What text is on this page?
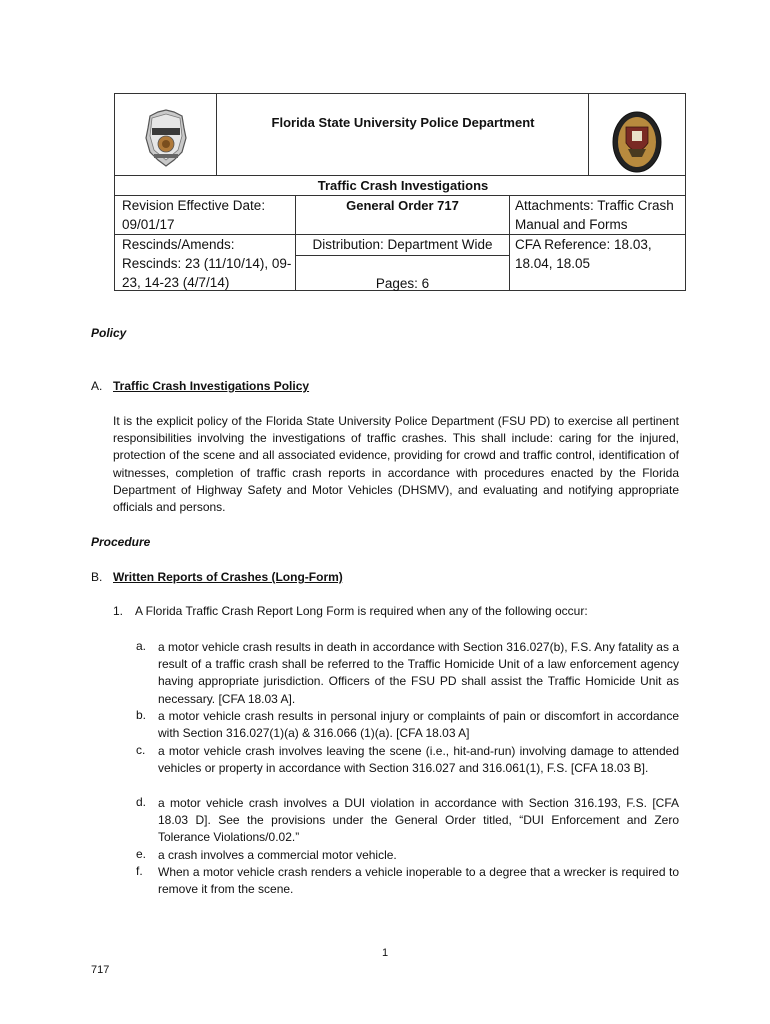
Florida State University Police Department
Traffic Crash Investigations
Revision Effective Date:
09/01/17
General Order 717	Attachments: Traffic Crash Manual and Forms
Rescinds/Amends:
Rescinds: 23 (11/10/14), 09-23, 14-23 (4/7/14)
Distribution: Department Wide
Pages: 6
CFA Reference: 18.03, 18.04, 18.05
Policy
A. Traffic Crash Investigations Policy
It is the explicit policy of the Florida State University Police Department (FSU PD) to exercise all pertinent responsibilities involving the investigations of traffic crashes. This shall include: caring for the injured, protection of the scene and all associated evidence, providing for crowd and traffic control, identification of witnesses, completion of traffic crash reports in accordance with procedures enacted by the Florida Department of Highway Safety and Motor Vehicles (DHSMV), and evaluating and notifying appropriate officials and persons.
Procedure
B. Written Reports of Crashes (Long-Form)
1. A Florida Traffic Crash Report Long Form is required when any of the following occur:
a. a motor vehicle crash results in death in accordance with Section 316.027(b), F.S. Any fatality as a result of a traffic crash shall be referred to the Traffic Homicide Unit of a law enforcement agency having appropriate jurisdiction. Officers of the FSU PD shall assist the Traffic Homicide Unit as necessary. [CFA 18.03 A].
b. a motor vehicle crash results in personal injury or complaints of pain or discomfort in accordance with Section 316.027(1)(a) & 316.066 (1)(a). [CFA 18.03 A]
c. a motor vehicle crash involves leaving the scene (i.e., hit-and-run) involving damage to attended vehicles or property in accordance with Section 316.027 and 316.061(1), F.S. [CFA 18.03 B].
d. a motor vehicle crash involves a DUI violation in accordance with Section 316.193, F.S. [CFA 18.03 D]. See the provisions under the General Order titled, “DUI Enforcement and Zero Tolerance Violations/0.02.”
e. a crash involves a commercial motor vehicle.
f. When a motor vehicle crash renders a vehicle inoperable to a degree that a wrecker is required to remove it from the scene.
1
717
